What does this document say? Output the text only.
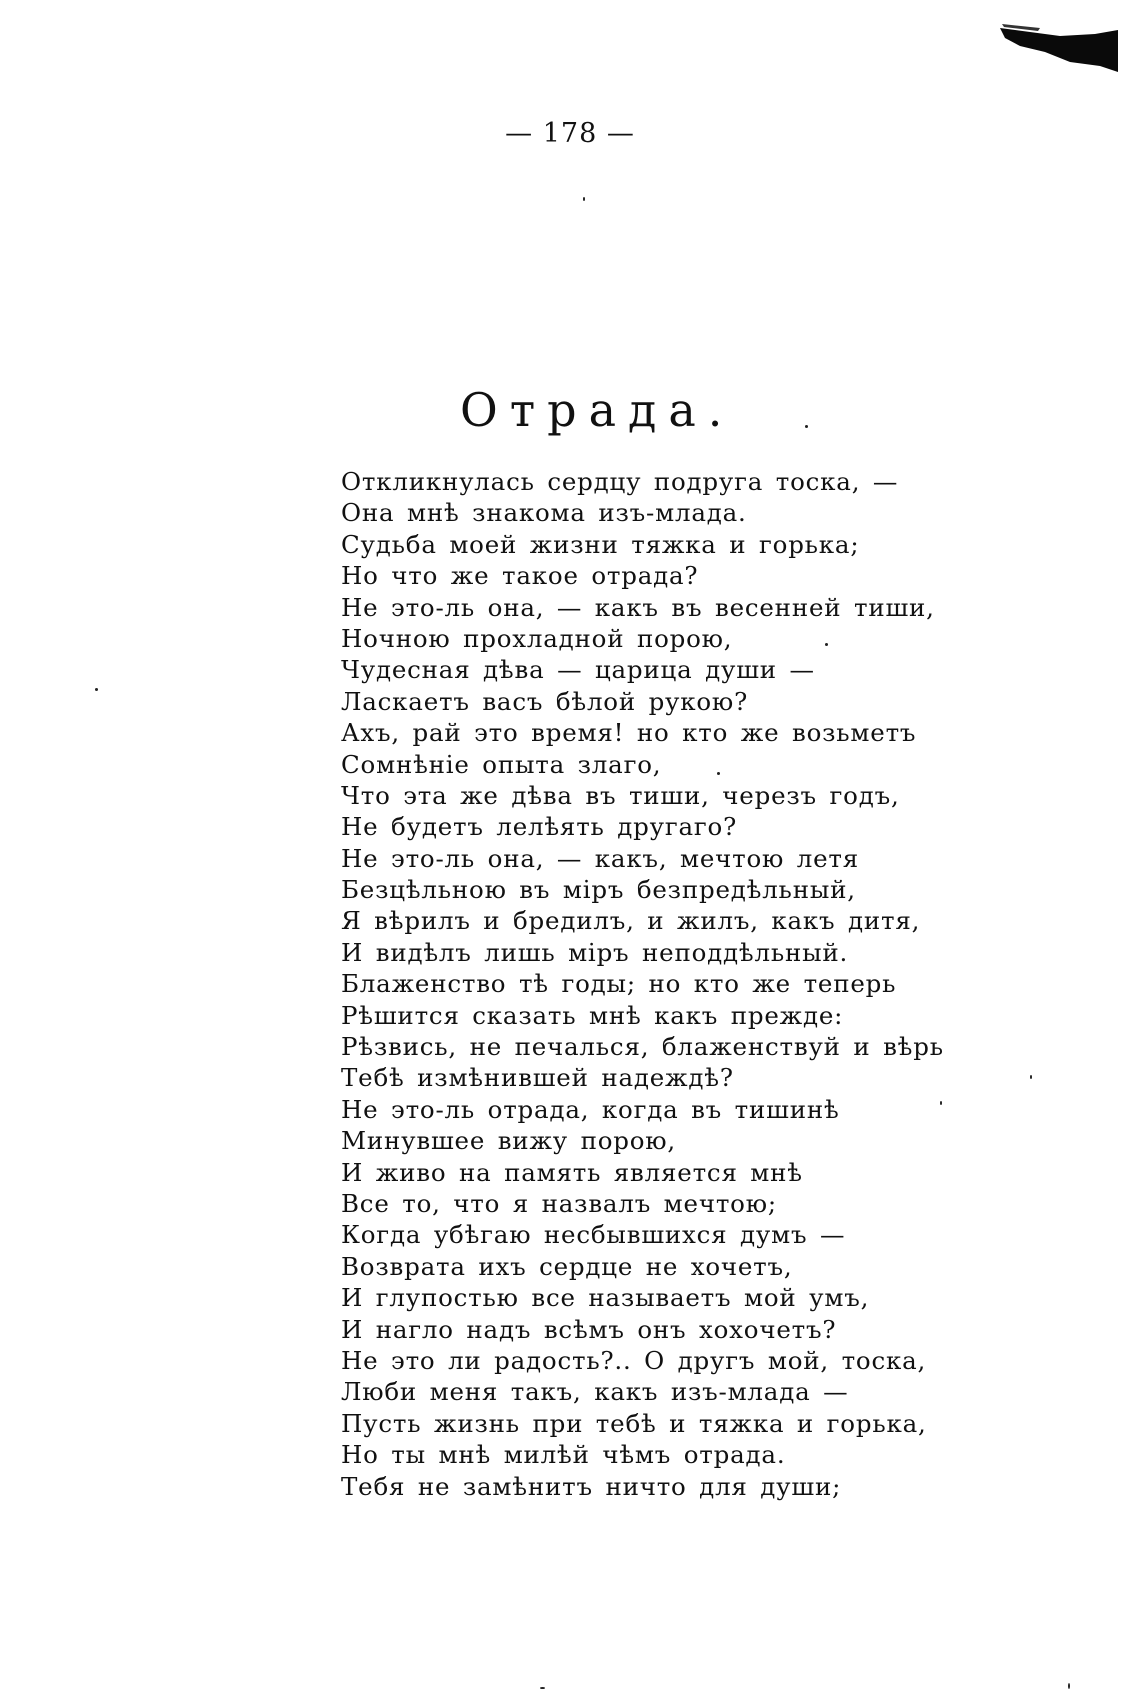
— 178 —
Отрада.
Откликнулась сердцу подруга тоска, —
Она мнѣ знакома изъ-млада.
Судьба моей жизни тяжка и горька;
Но что же такое отрада?
Не это-ль она, — какъ въ весенней тиши,
Ночною прохладной порою,
Чудесная дѣва — царица души —
Ласкаетъ васъ бѣлой рукою?
Ахъ, рай это время! но кто же возьметъ
Сомнѣніе опыта злаго,
Что эта же дѣва въ тиши, черезъ годъ,
Не будетъ лелѣять другаго?
Не это-ль она, — какъ, мечтою летя
Безцѣльною въ міръ безпредѣльный,
Я вѣрилъ и бредилъ, и жилъ, какъ дитя,
И видѣлъ лишь міръ неподдѣльный.
Блаженство тѣ годы; но кто же теперь
Рѣшится сказать мнѣ какъ прежде:
Рѣзвись, не печалься, блаженствуй и вѣрь
Тебѣ измѣнившей надеждѣ?
Не это-ль отрада, когда въ тишинѣ
Минувшее вижу порою,
И живо на память является мнѣ
Все то, что я назвалъ мечтою;
Когда убѣгаю несбывшихся думъ —
Возврата ихъ сердце не хочетъ,
И глупостью все называетъ мой умъ,
И нагло надъ всѣмъ онъ хохочетъ?
Не это ли радость?.. О другъ мой, тоска,
Люби меня такъ, какъ изъ-млада —
Пусть жизнь при тебѣ и тяжка и горька,
Но ты мнѣ милѣй чѣмъ отрада.
Тебя не замѣнитъ ничто для души;
